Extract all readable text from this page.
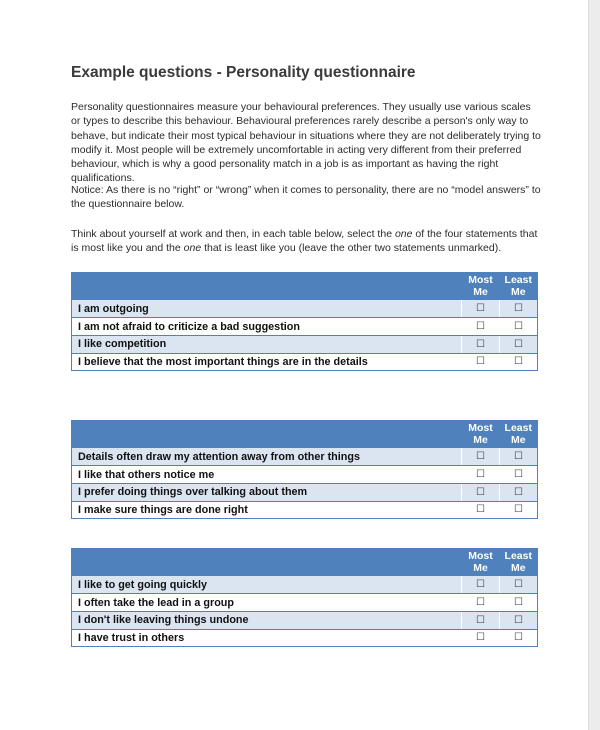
Example questions - Personality questionnaire

Personality questionnaires measure your behavioural preferences. They usually use various scales or types to describe this behaviour. Behavioural preferences rarely describe a person's only way to behave, but indicate their most typical behaviour in situations where they are not deliberately trying to modify it. Most people will be extremely uncomfortable in acting very different from their preferred behaviour, which is why a good personality match in a job is as important as having the right qualifications.

Notice: As there is no “right” or “wrong” when it comes to personality, there are no “model answers” to the questionnaire below.

Think about yourself at work and then, in each table below, select the one of the four statements that is most like you and the one that is least like you (leave the other two statements unmarked).

	Most Me	Least Me
I am outgoing	☐	☐
I am not afraid to criticize a bad suggestion	☐	☐
I like competition	☐	☐
I believe that the most important things are in the details	☐	☐
	Most Me	Least Me
Details often draw my attention away from other things	☐	☐
I like that others notice me	☐	☐
I prefer doing things over talking about them	☐	☐
I make sure things are done right	☐	☐
	Most Me	Least Me
I like to get going quickly	☐	☐
I often take the lead in a group	☐	☐
I don't like leaving things undone	☐	☐
I have trust in others	☐	☐
